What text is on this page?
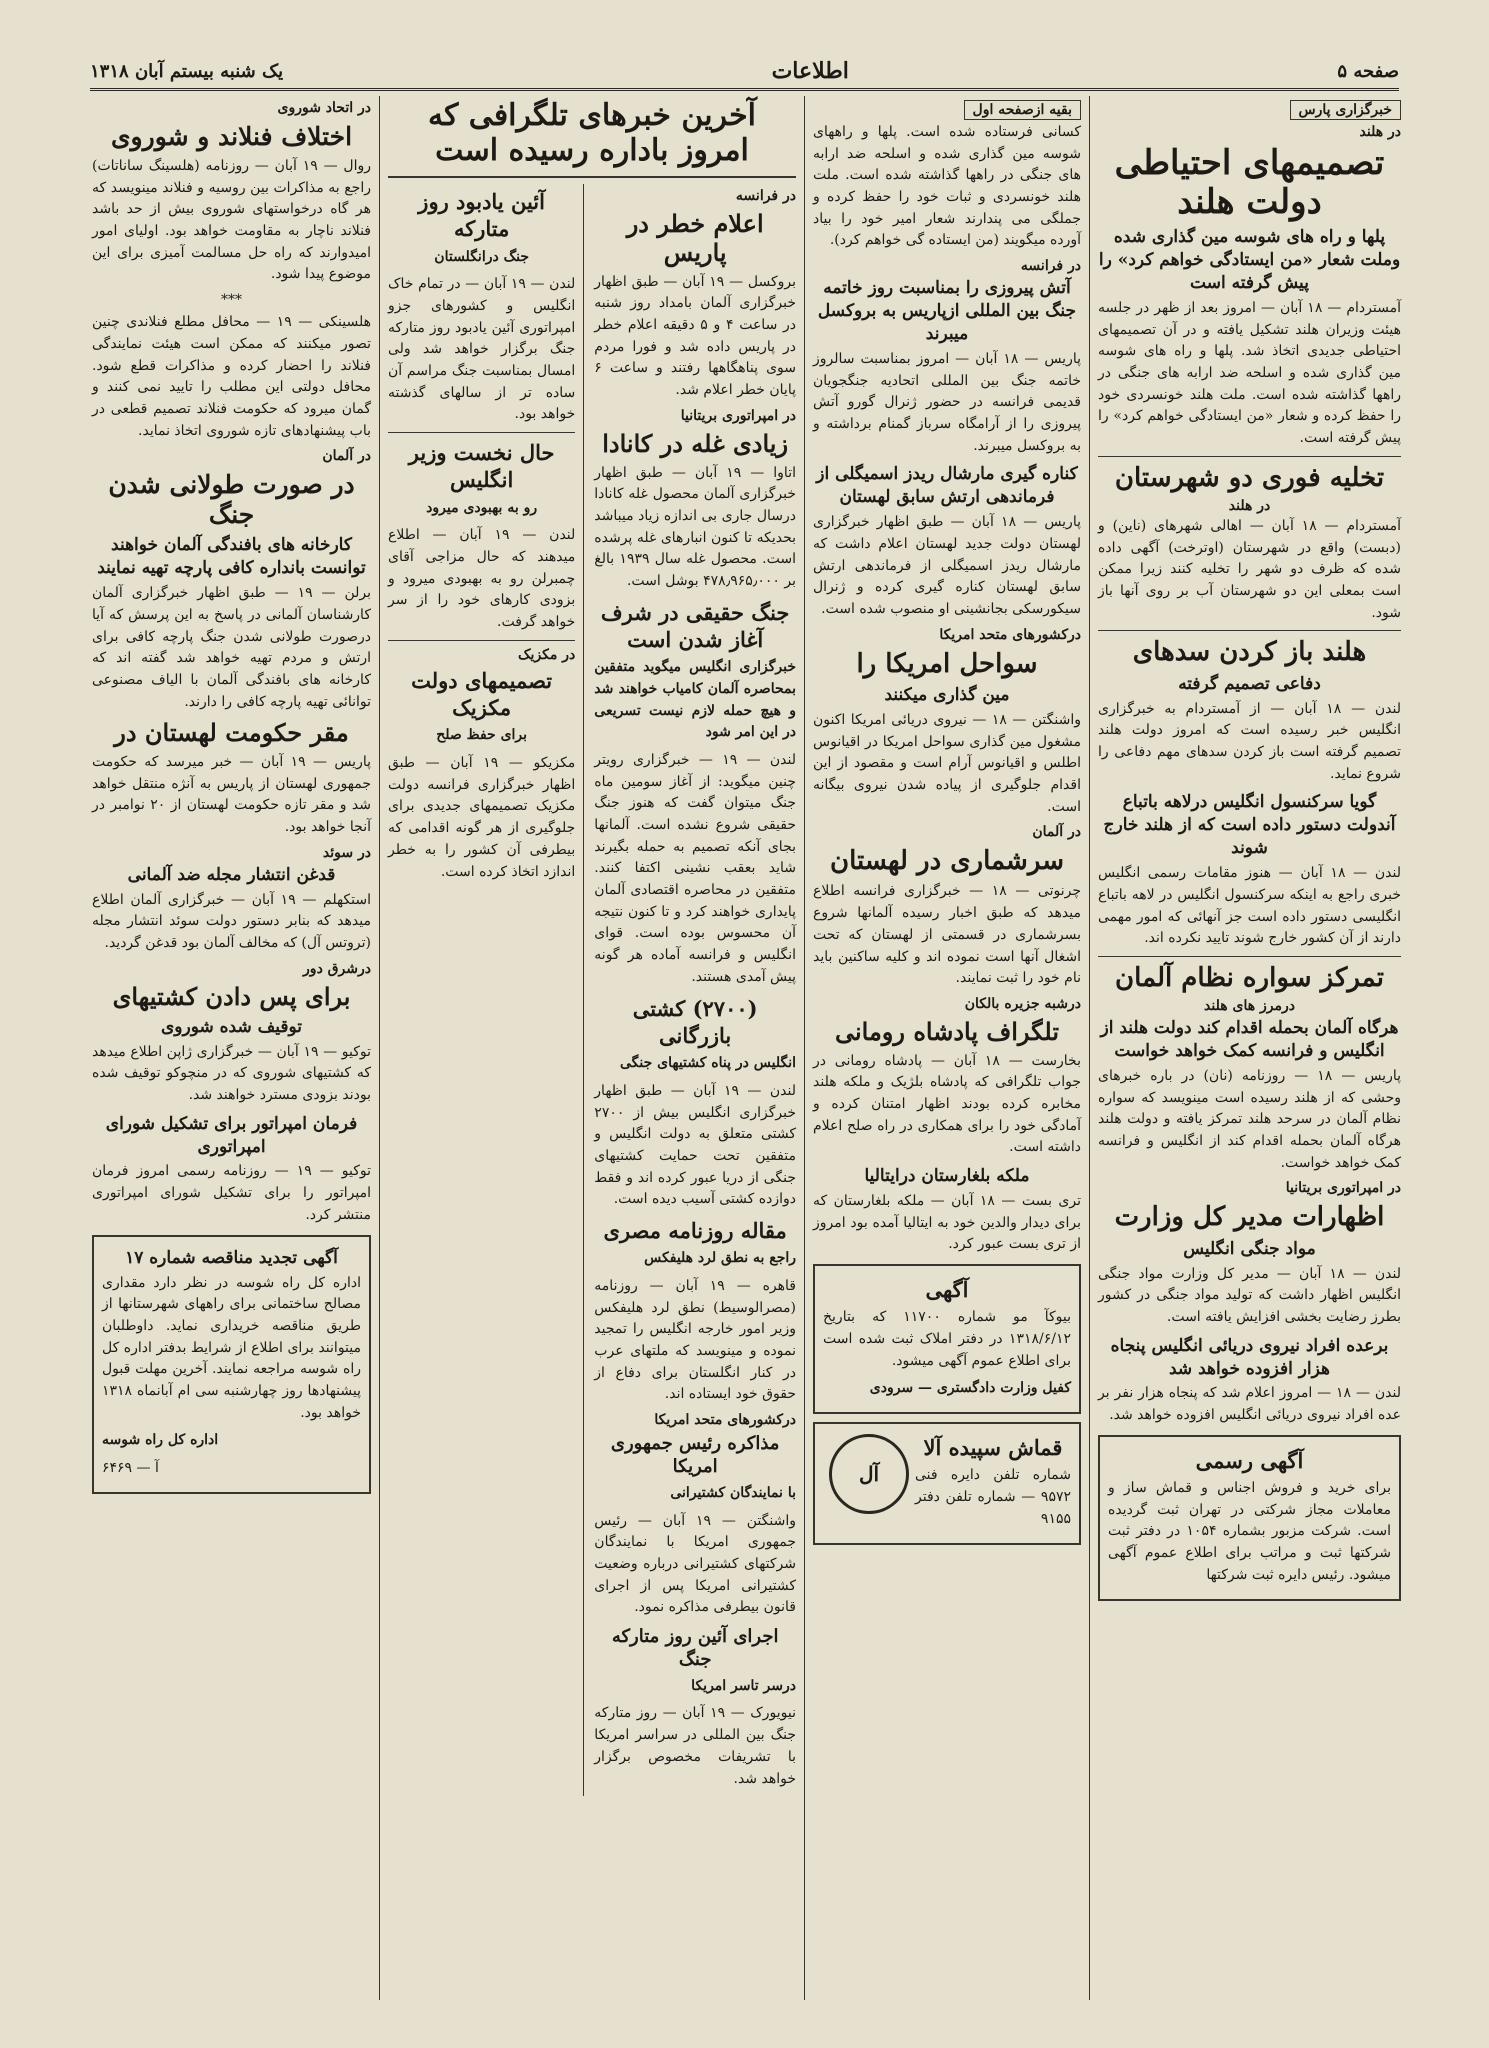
صفحه ۵
اطلاعات
یک شنبه بیستم آبان ۱۳۱۸
خبرگزاری پارس
در هلند
تصمیمهای احتیاطی دولت هلند
پلها و راه های شوسه مین گذاری شده وملت شعار «من ایستادگی خواهم کرد» را پیش گرفته است
آمستردام — ۱۸ آبان — امروز بعد از ظهر در جلسه هیئت وزیران هلند تشکیل یافته و در آن تصمیمهای احتیاطی جدیدی اتخاذ شد. پلها و راه های شوسه مین گذاری شده و اسلحه ضد ارابه های جنگی در راهها گذاشته شده است. ملت هلند خونسردی خود را حفظ کرده و شعار «من ایستادگی خواهم کرد» را پیش گرفته است.
تخلیه فوری دو شهرستان
در هلند
آمستردام — ۱۸ آبان — اهالی شهرهای (ناین) و (دبست) واقع در شهرستان (اوترخت) آگهی داده شده که ظرف دو شهر را تخلیه کنند زیرا ممکن است بمعلی این دو شهرستان آب بر روی آنها باز شود.
هلند باز کردن سدهای
دفاعی تصمیم گرفته
لندن — ۱۸ آبان — از آمستردام به خبرگزاری انگلیس خبر رسیده است که امروز دولت هلند تصمیم گرفته است باز کردن سدهای مهم دفاعی را شروع نماید.
گویا سرکنسول انگلیس درلاهه باتباع آندولت دستور داده است که از هلند خارج شوند
لندن — ۱۸ آبان — هنوز مقامات رسمی انگلیس خبری راجع به اینکه سرکنسول انگلیس در لاهه باتباع انگلیسی دستور داده است جز آنهائی که امور مهمی دارند از آن کشور خارج شوند تایید نکرده اند.
تمرکز سواره نظام آلمان
درمرز های هلند
هرگاه آلمان بحمله اقدام کند دولت هلند از انگلیس و فرانسه کمک خواهد خواست
پاریس — ۱۸ — روزنامه (نان) در باره خبرهای وحشی که از هلند رسیده است مینویسد که سواره نظام آلمان در سرحد هلند تمرکز یافته و دولت هلند هرگاه آلمان بحمله اقدام کند از انگلیس و فرانسه کمک خواهد خواست.
در امپراتوری بریتانیا
اظهارات مدیر کل وزارت
مواد جنگی انگلیس
لندن — ۱۸ آبان — مدیر کل وزارت مواد جنگی انگلیس اظهار داشت که تولید مواد جنگی در کشور بطرز رضایت بخشی افزایش یافته است.
برعده افراد نیروی دریائی انگلیس پنجاه هزار افزوده خواهد شد
لندن — ۱۸ — امروز اعلام شد که پنجاه هزار نفر بر عده افراد نیروی دریائی انگلیس افزوده خواهد شد.
آگهی رسمی
برای خرید و فروش اجناس و قماش ساز و معاملات مجاز شرکتی در تهران ثبت گردیده است. شرکت مزبور بشماره ۱۰۵۴ در دفتر ثبت شرکتها ثبت و مراتب برای اطلاع عموم آگهی میشود. رئیس دایره ثبت شرکتها
بقیه ازصفحه اول
کسانی فرستاده شده است. پلها و راههای شوسه مین گذاری شده و اسلحه ضد ارابه های جنگی در راهها گذاشته شده است. ملت هلند خونسردی و ثبات خود را حفظ کرده و جملگی می پندارند شعار امیر خود را بیاد آورده میگویند (من ایستاده گی خواهم کرد).
در فرانسه
آتش پیروزی را بمناسبت روز خاتمه جنگ بین المللی ازپاریس به بروکسل میبرند
پاریس — ۱۸ آبان — امروز بمناسبت سالروز خاتمه جنگ بین المللی اتحادیه جنگجویان قدیمی فرانسه در حضور ژنرال گورو آتش پیروزی را از آرامگاه سرباز گمنام برداشته و به بروکسل میبرند.
کناره گیری مارشال ریدز اسمیگلی از فرماندهی ارتش سابق لهستان
پاریس — ۱۸ آبان — طبق اظهار خبرگزاری لهستان دولت جدید لهستان اعلام داشت که مارشال ریدز اسمیگلی از فرماندهی ارتش سابق لهستان کناره گیری کرده و ژنرال سیکورسکی بجانشینی او منصوب شده است.
درکشورهای متحد امریکا
سواحل امریکا را
مین گذاری میکنند
واشنگتن — ۱۸ — نیروی دریائی امریکا اکنون مشغول مین گذاری سواحل امریکا در اقیانوس اطلس و اقیانوس آرام است و مقصود از این اقدام جلوگیری از پیاده شدن نیروی بیگانه است.
در آلمان
سرشماری در لهستان
چرنوتی — ۱۸ — خبرگزاری فرانسه اطلاع میدهد که طبق اخبار رسیده آلمانها شروع بسرشماری در قسمتی از لهستان که تحت اشغال آنها است نموده اند و کلیه ساکنین باید نام خود را ثبت نمایند.
درشبه جزیره بالکان
تلگراف پادشاه رومانی
بخارست — ۱۸ آبان — پادشاه رومانی در جواب تلگرافی که پادشاه بلژیک و ملکه هلند مخابره کرده بودند اظهار امتنان کرده و آمادگی خود را برای همکاری در راه صلح اعلام داشته است.
ملکه بلغارستان درایتالیا
تری بست — ۱۸ آبان — ملکه بلغارستان که برای دیدار والدین خود به ایتالیا آمده بود امروز از تری بست عبور کرد.
آگهی
بیوکآ مو شماره ۱۱۷۰۰ که بتاریخ ۱۳۱۸/۶/۱۲ در دفتر املاک ثبت شده است برای اطلاع عموم آگهی میشود.
کفیل وزارت دادگستری — سرودی
آل
قماش سپیده آلا
شماره تلفن دایره فنی ۹۵۷۲ — شماره تلفن دفتر ۹۱۵۵
آخرین خبرهای تلگرافی که امروز باداره رسیده است
در فرانسه
اعلام خطر در پاریس
بروکسل — ۱۹ آبان — طبق اظهار خبرگزاری آلمان بامداد روز شنبه در ساعت ۴ و ۵ دقیقه اعلام خطر در پاریس داده شد و فورا مردم سوی پناهگاهها رفتند و ساعت ۶ پایان خطر اعلام شد.
در امپراتوری بریتانیا
زیادی غله در کانادا
اتاوا — ۱۹ آبان — طبق اظهار خبرگزاری آلمان محصول غله کانادا درسال جاری بی اندازه زیاد میباشد بحدیکه تا کنون انبارهای غله پرشده است. محصول غله سال ۱۹۳۹ بالغ بر ۴۷۸٫۹۶۵٫۰۰۰ بوشل است.
جنگ حقیقی در شرف آغاز شدن است
خبرگزاری انگلیس میگوید متفقین بمحاصره آلمان کامیاب خواهند شد و هیچ حمله لازم نیست تسریعی در این امر شود
لندن — ۱۹ — خبرگزاری رویتر چنین میگوید: از آغاز سومین ماه جنگ میتوان گفت که هنوز جنگ حقیقی شروع نشده است. آلمانها بجای آنکه تصمیم به حمله بگیرند شاید بعقب نشینی اکتفا کنند. متفقین در محاصره اقتصادی آلمان پایداری خواهند کرد و تا کنون نتیجه آن محسوس بوده است. قوای انگلیس و فرانسه آماده هر گونه پیش آمدی هستند.
(۲۷۰۰) کشتی بازرگانی
انگلیس در پناه کشتیهای جنگی
لندن — ۱۹ آبان — طبق اظهار خبرگزاری انگلیس بیش از ۲۷۰۰ کشتی متعلق به دولت انگلیس و متفقین تحت حمایت کشتیهای جنگی از دریا عبور کرده اند و فقط دوازده کشتی آسیب دیده است.
مقاله روزنامه مصری
راجع به نطق لرد هلیفکس
قاهره — ۱۹ آبان — روزنامه (مصرالوسیط) نطق لرد هلیفکس وزیر امور خارجه انگلیس را تمجید نموده و مینویسد که ملتهای عرب در کنار انگلستان برای دفاع از حقوق خود ایستاده اند.
درکشورهای متحد امریکا
مذاکره رئیس جمهوری امریکا
با نمایندگان کشتیرانی
واشنگتن — ۱۹ آبان — رئیس جمهوری امریکا با نمایندگان شرکتهای کشتیرانی درباره وضعیت کشتیرانی امریکا پس از اجرای قانون بیطرفی مذاکره نمود.
اجرای آئین روز متارکه جنگ
درسر تاسر امریکا
نیویورک — ۱۹ آبان — روز متارکه جنگ بین المللی در سراسر امریکا با تشریفات مخصوص برگزار خواهد شد.
آئین یادبود روز متارکه
جنگ درانگلستان
لندن — ۱۹ آبان — در تمام خاک انگلیس و کشورهای جزو امپراتوری آئین یادبود روز متارکه جنگ برگزار خواهد شد ولی امسال بمناسبت جنگ مراسم آن ساده تر از سالهای گذشته خواهد بود.
حال نخست وزیر انگلیس
رو به بهبودی میرود
لندن — ۱۹ آبان — اطلاع میدهند که حال مزاجی آقای چمبرلن رو به بهبودی میرود و بزودی کارهای خود را از سر خواهد گرفت.
در مکزیک
تصمیمهای دولت مکزیک
برای حفظ صلح
مکزیکو — ۱۹ آبان — طبق اظهار خبرگزاری فرانسه دولت مکزیک تصمیمهای جدیدی برای جلوگیری از هر گونه اقدامی که بیطرفی آن کشور را به خطر اندازد اتخاذ کرده است.
در اتحاد شوروی
اختلاف فنلاند و شوروی
روال — ۱۹ آبان — روزنامه (هلسینگ ساناتات) راجع به مذاکرات بین روسیه و فنلاند مینویسد که هر گاه درخواستهای شوروی بیش از حد باشد فنلاند ناچار به مقاومت خواهد بود. اولیای امور امیدوارند که راه حل مسالمت آمیزی برای این موضوع پیدا شود.
***
هلسینکی — ۱۹ — محافل مطلع فنلاندی چنین تصور میکنند که ممکن است هیئت نمایندگی فنلاند را احضار کرده و مذاکرات قطع شود. محافل دولتی این مطلب را تایید نمی کنند و گمان میرود که حکومت فنلاند تصمیم قطعی در باب پیشنهادهای تازه شوروی اتخاذ نماید.
در آلمان
در صورت طولانی شدن جنگ
کارخانه های بافندگی آلمان خواهند توانست بانداره کافی پارچه تهیه نمایند
برلن — ۱۹ — طبق اظهار خبرگزاری آلمان کارشناسان آلمانی در پاسخ به این پرسش که آیا درصورت طولانی شدن جنگ پارچه کافی برای ارتش و مردم تهیه خواهد شد گفته اند که کارخانه های بافندگی آلمان با الیاف مصنوعی توانائی تهیه پارچه کافی را دارند.
مقر حکومت لهستان در
پاریس — ۱۹ آبان — خبر میرسد که حکومت جمهوری لهستان از پاریس به آنژه منتقل خواهد شد و مقر تازه حکومت لهستان از ۲۰ نوامبر در آنجا خواهد بود.
در سوئد
قدغن انتشار مجله ضد آلمانی
استکهلم — ۱۹ آبان — خبرگزاری آلمان اطلاع میدهد که بنابر دستور دولت سوئد انتشار مجله (تروتس آل) که مخالف آلمان بود قدغن گردید.
درشرق دور
برای پس دادن کشتیهای
توقیف شده شوروی
توکیو — ۱۹ آبان — خبرگزاری ژاپن اطلاع میدهد که کشتیهای شوروی که در منچوکو توقیف شده بودند بزودی مسترد خواهند شد.
فرمان امپراتور برای تشکیل شورای امپراتوری
توکیو — ۱۹ — روزنامه رسمی امروز فرمان امپراتور را برای تشکیل شورای امپراتوری منتشر کرد.
آگهی تجدید مناقصه شماره ۱۷
اداره کل راه شوسه در نظر دارد مقداری مصالح ساختمانی برای راههای شهرستانها از طریق مناقصه خریداری نماید. داوطلبان میتوانند برای اطلاع از شرایط بدفتر اداره کل راه شوسه مراجعه نمایند. آخرین مهلت قبول پیشنهادها روز چهارشنبه سی ام آبانماه ۱۳۱۸ خواهد بود.
اداره کل راه شوسه
آ — ۶۴۶۹
